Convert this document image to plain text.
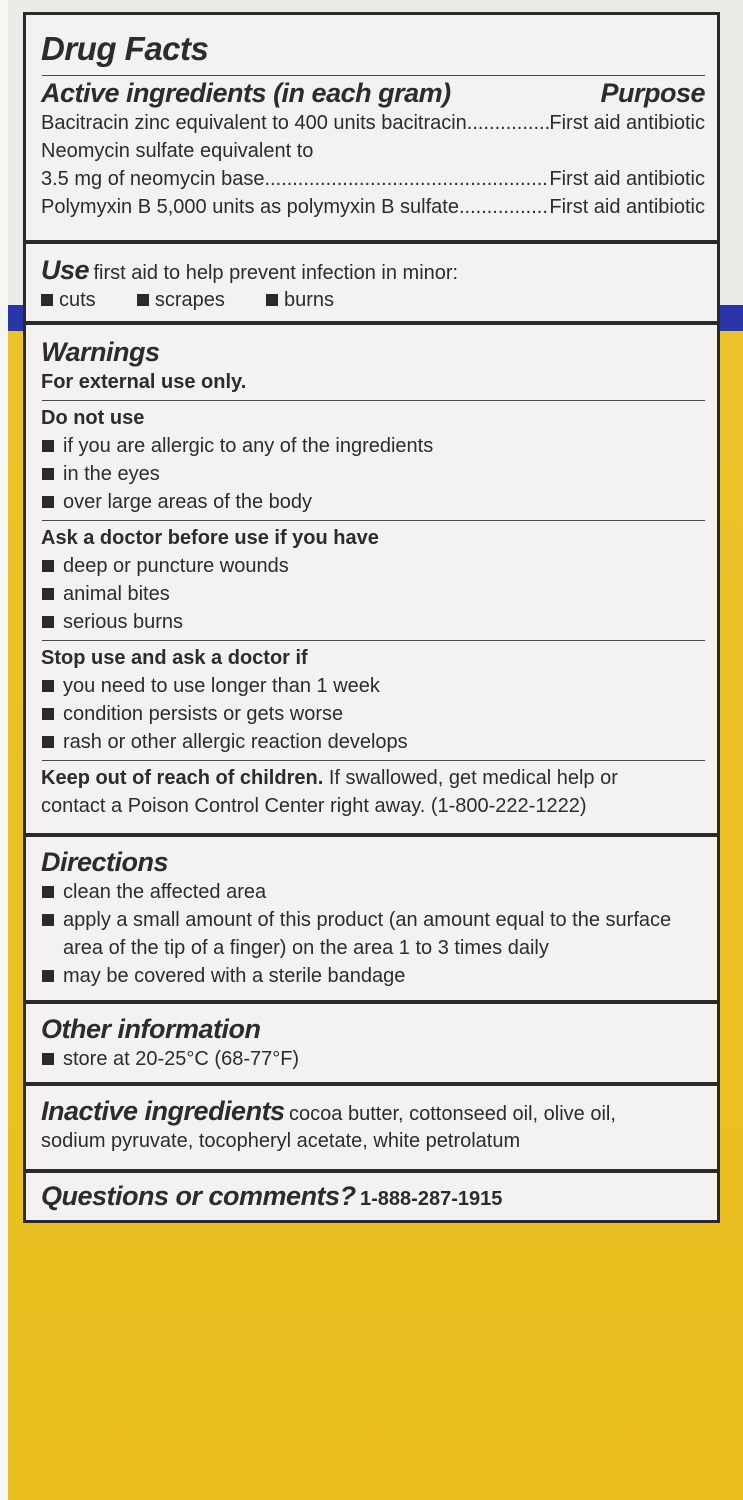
Drug Facts
Active ingredients (in each gram)	Purpose
Bacitracin zinc equivalent to 400 units bacitracin .....	First aid antibiotic
Neomycin sulfate equivalent to
3.5 mg of neomycin base .....	First aid antibiotic
Polymyxin B 5,000 units as polymyxin B sulfate .....	First aid antibiotic
Use first aid to help prevent infection in minor:
cuts	scrapes	burns
Warnings
For external use only.
Do not use
if you are allergic to any of the ingredients
in the eyes
over large areas of the body
Ask a doctor before use if you have
deep or puncture wounds
animal bites
serious burns
Stop use and ask a doctor if
you need to use longer than 1 week
condition persists or gets worse
rash or other allergic reaction develops
Keep out of reach of children. If swallowed, get medical help or
contact a Poison Control Center right away. (1-800-222-1222)
Directions
clean the affected area
apply a small amount of this product (an amount equal to the surface area of the tip of a finger) on the area 1 to 3 times daily
may be covered with a sterile bandage
Other information
store at 20-25°C (68-77°F)
Inactive ingredients cocoa butter, cottonseed oil, olive oil,
sodium pyruvate, tocopheryl acetate, white petrolatum
Questions or comments? 1-888-287-1915
